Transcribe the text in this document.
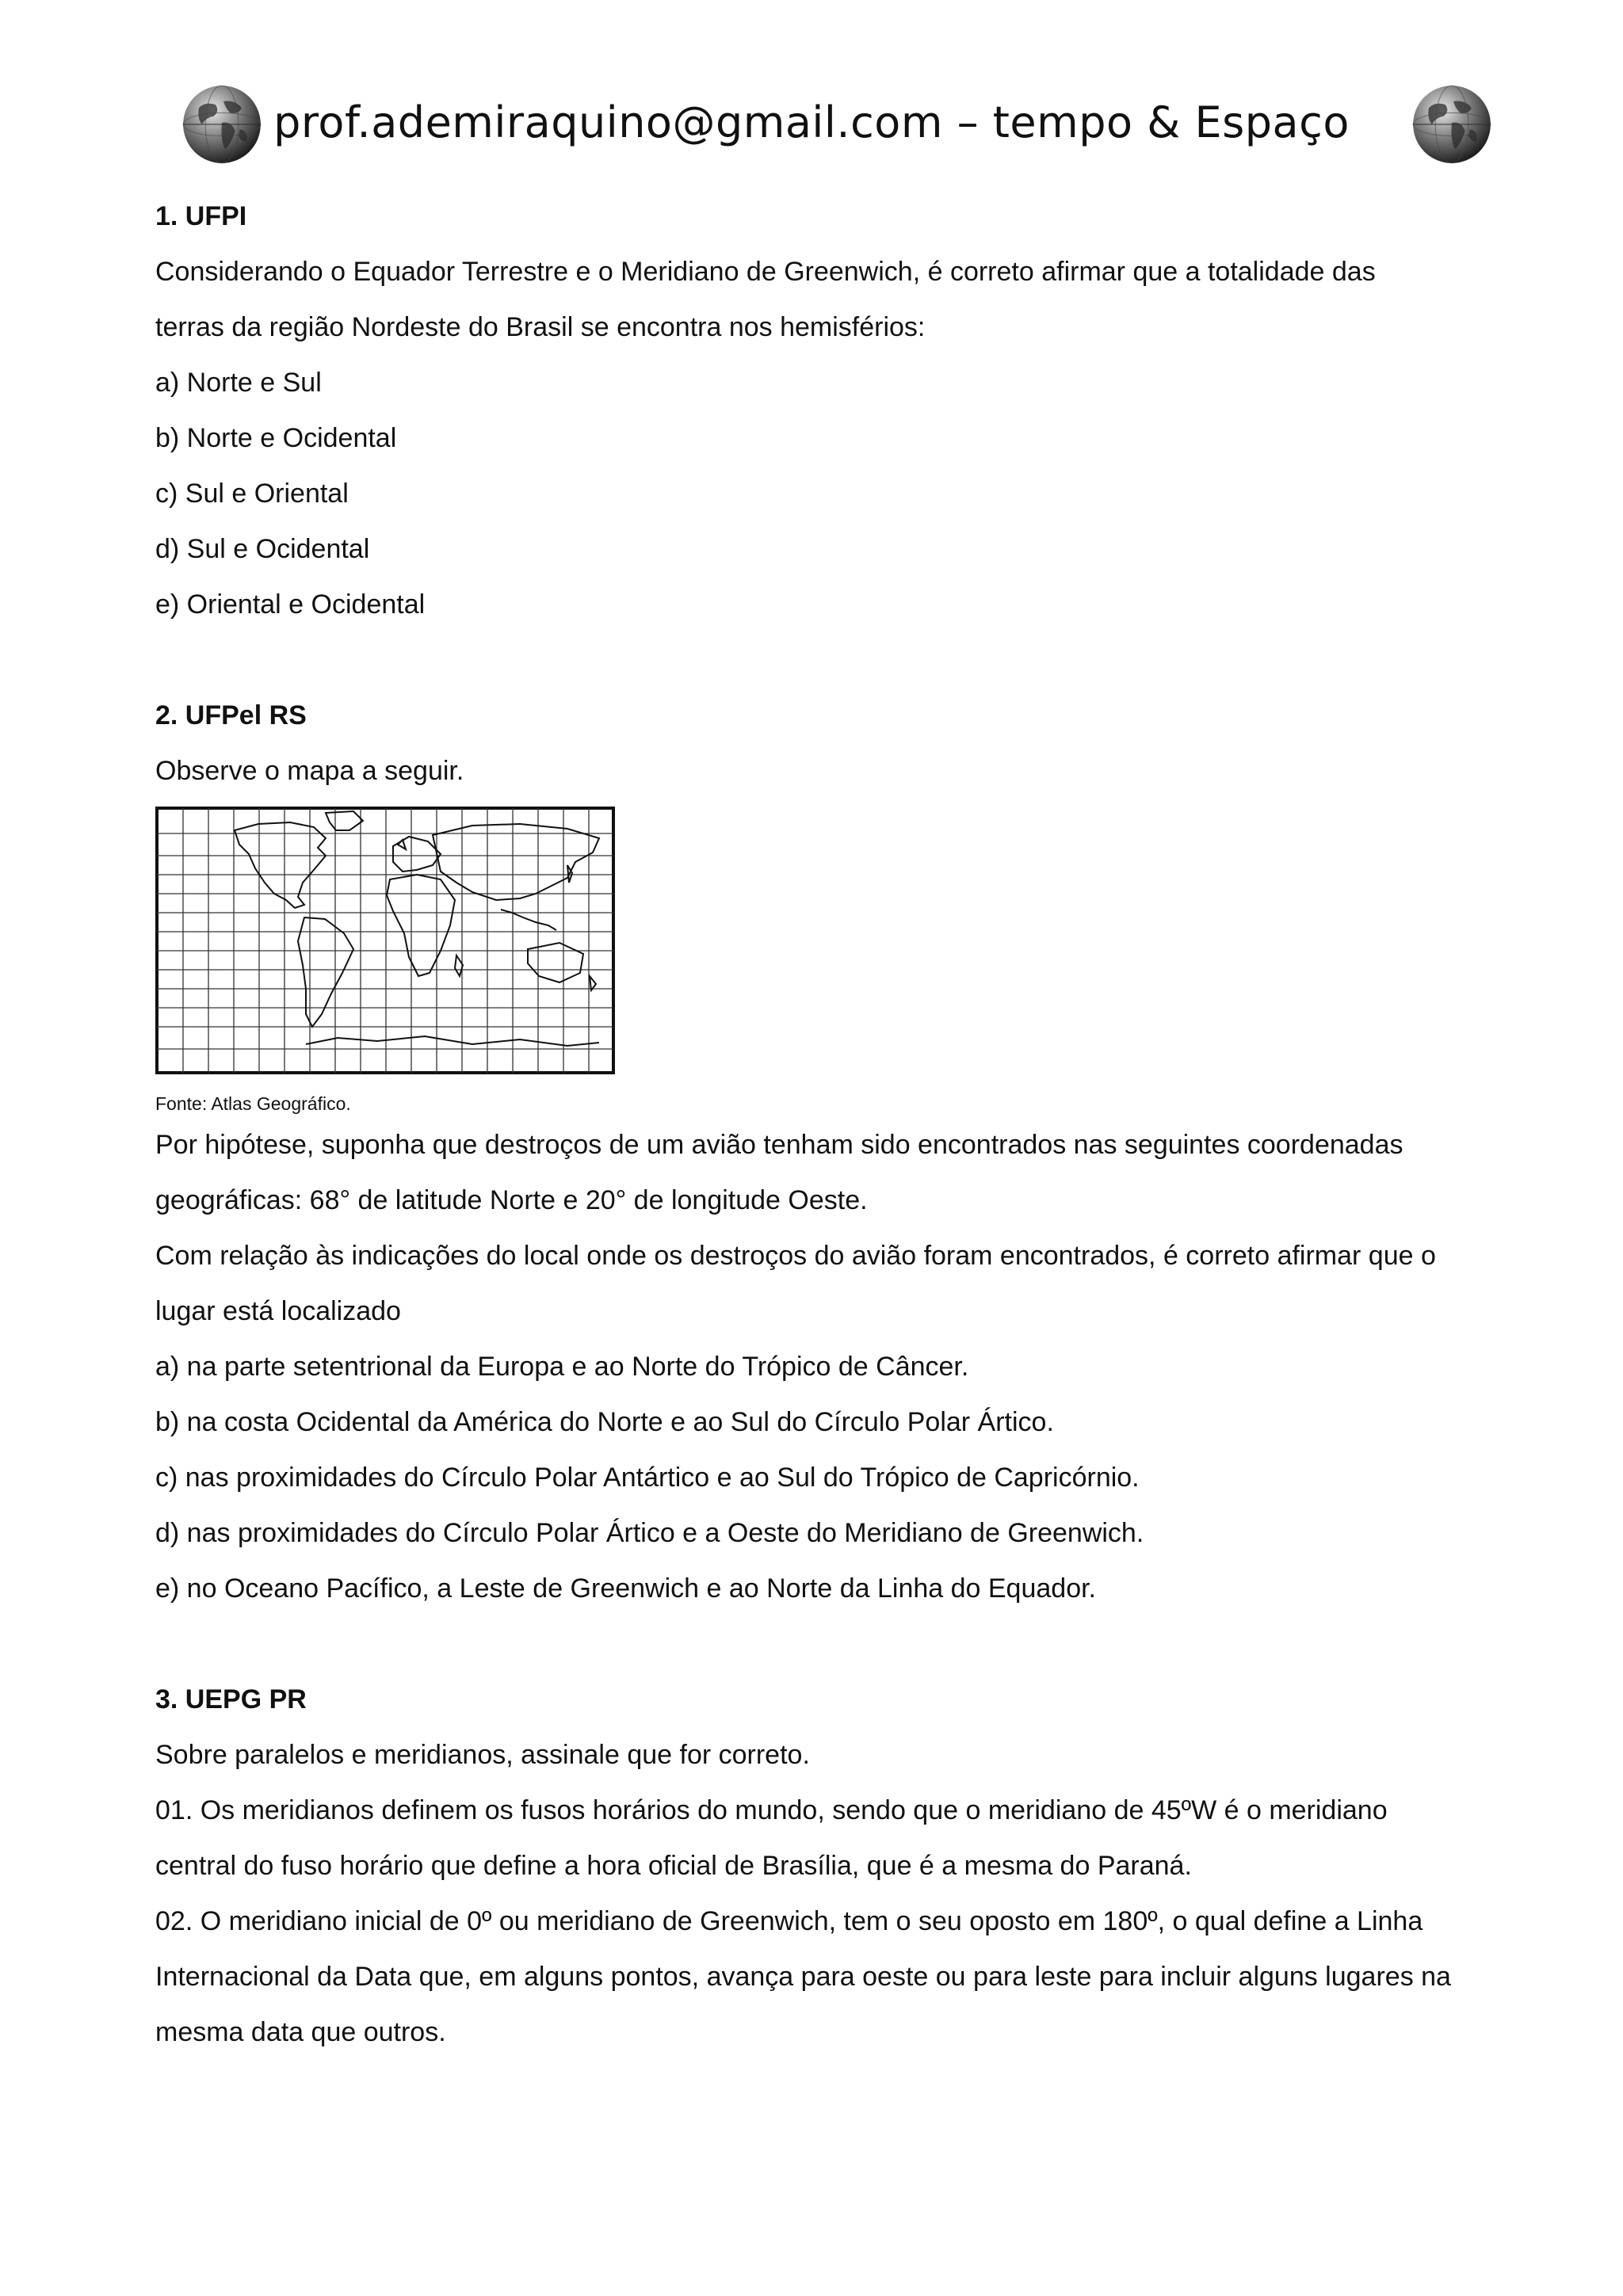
prof.ademiraquino@gmail.com – tempo & Espaço
1. UFPI
Considerando o Equador Terrestre e o Meridiano de Greenwich, é correto afirmar que a totalidade das
terras da região Nordeste do Brasil se encontra nos hemisférios:
a) Norte e Sul
b) Norte e Ocidental
c) Sul e Oriental
d) Sul e Ocidental
e) Oriental e Ocidental
2. UFPel RS
Observe o mapa a seguir.
Fonte: Atlas Geográfico.
Por hipótese, suponha que destroços de um avião tenham sido encontrados nas seguintes coordenadas
geográficas: 68° de latitude Norte e 20° de longitude Oeste.
Com relação às indicações do local onde os destroços do avião foram encontrados, é correto afirmar que o
lugar está localizado
a) na parte setentrional da Europa e ao Norte do Trópico de Câncer.
b) na costa Ocidental da América do Norte e ao Sul do Círculo Polar Ártico.
c) nas proximidades do Círculo Polar Antártico e ao Sul do Trópico de Capricórnio.
d) nas proximidades do Círculo Polar Ártico e a Oeste do Meridiano de Greenwich.
e) no Oceano Pacífico, a Leste de Greenwich e ao Norte da Linha do Equador.
3. UEPG PR
Sobre paralelos e meridianos, assinale que for correto.
01. Os meridianos definem os fusos horários do mundo, sendo que o meridiano de 45ºW é o meridiano
central do fuso horário que define a hora oficial de Brasília, que é a mesma do Paraná.
02. O meridiano inicial de 0º ou meridiano de Greenwich, tem o seu oposto em 180º, o qual define a Linha
Internacional da Data que, em alguns pontos, avança para oeste ou para leste para incluir alguns lugares na
mesma data que outros.
